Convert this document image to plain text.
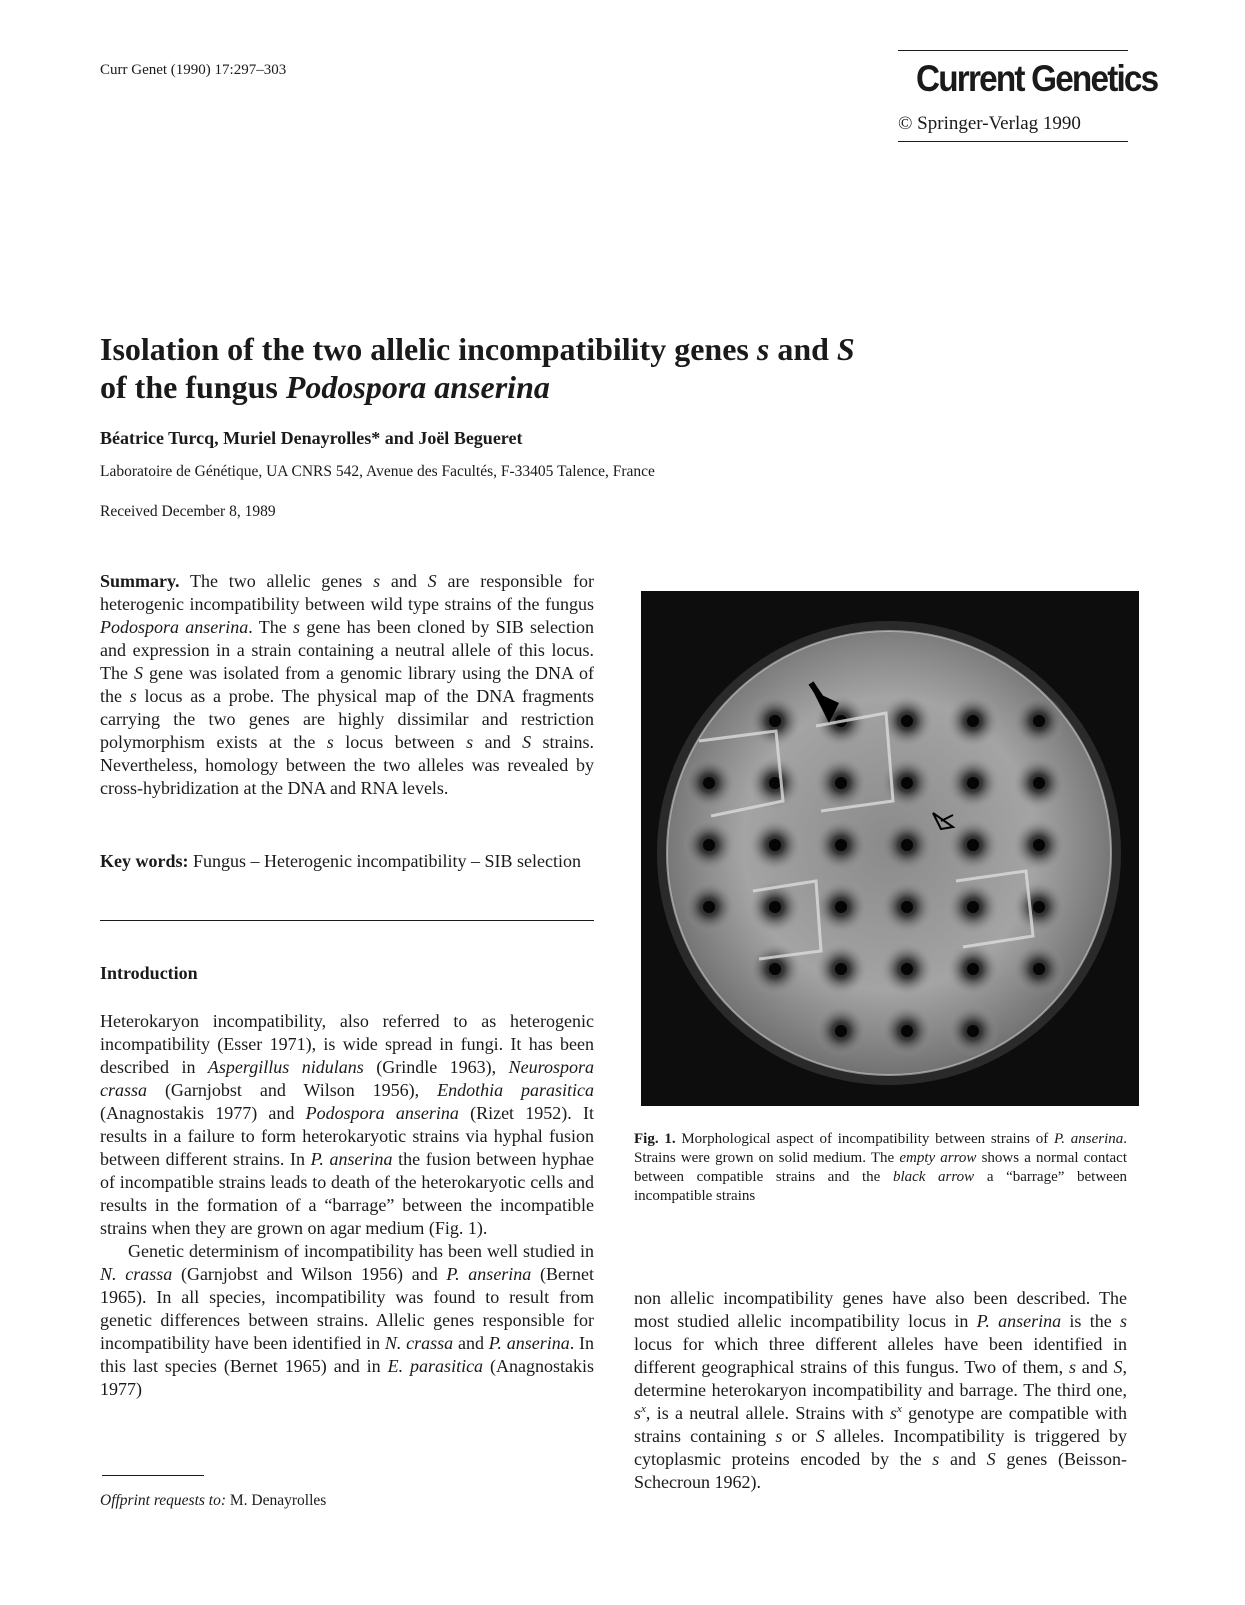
Curr Genet (1990) 17:297–303	Current Genetics
© Springer-Verlag 1990
Isolation of the two allelic incompatibility genes s and S
of the fungus Podospora anserina
Béatrice Turcq, Muriel Denayrolles* and Joël Begueret
Laboratoire de Génétique, UA CNRS 542, Avenue des Facultés, F-33405 Talence, France
Received December 8, 1989
Summary. The two allelic genes s and S are responsible for heterogenic incompatibility between wild type strains of the fungus Podospora anserina. The s gene has been cloned by SIB selection and expression in a strain containing a neutral allele of this locus. The S gene was isolated from a genomic library using the DNA of the s locus as a probe. The physical map of the DNA fragments carrying the two genes are highly dissimilar and restriction polymorphism exists at the s locus between s and S strains. Nevertheless, homology between the two alleles was revealed by cross-hybridization at the DNA and RNA levels.
Key words: Fungus – Heterogenic incompatibility – SIB selection
Introduction

Heterokaryon incompatibility, also referred to as heterogenic incompatibility (Esser 1971), is wide spread in fungi. It has been described in Aspergillus nidulans (Grindle 1963), Neurospora crassa (Garnjobst and Wilson 1956), Endothia parasitica (Anagnostakis 1977) and Podospora anserina (Rizet 1952). It results in a failure to form heterokaryotic strains via hyphal fusion between different strains. In P. anserina the fusion between hyphae of incompatible strains leads to death of the heterokaryotic cells and results in the formation of a “barrage” between the incompatible strains when they are grown on agar medium (Fig. 1).

Genetic determinism of incompatibility has been well studied in N. crassa (Garnjobst and Wilson 1956) and P. anserina (Bernet 1965). In all species, incompatibility was found to result from genetic differences between strains. Allelic genes responsible for incompatibility have been identified in N. crassa and P. anserina. In this last species (Bernet 1965) and in E. parasitica (Anagnostakis 1977)

Offprint requests to: M. Denayrolles
Fig. 1. Morphological aspect of incompatibility between strains of P. anserina. Strains were grown on solid medium. The empty arrow shows a normal contact between compatible strains and the black arrow a “barrage” between incompatible strains
non allelic incompatibility genes have also been described. The most studied allelic incompatibility locus in P. anserina is the s locus for which three different alleles have been identified in different geographical strains of this fungus. Two of them, s and S, determine heterokaryon incompatibility and barrage. The third one, $s^x$, is a neutral allele. Strains with $s^x$ genotype are compatible with strains containing s or S alleles. Incompatibility is triggered by cytoplasmic proteins encoded by the s and S genes (Beisson-Schecroun 1962).
